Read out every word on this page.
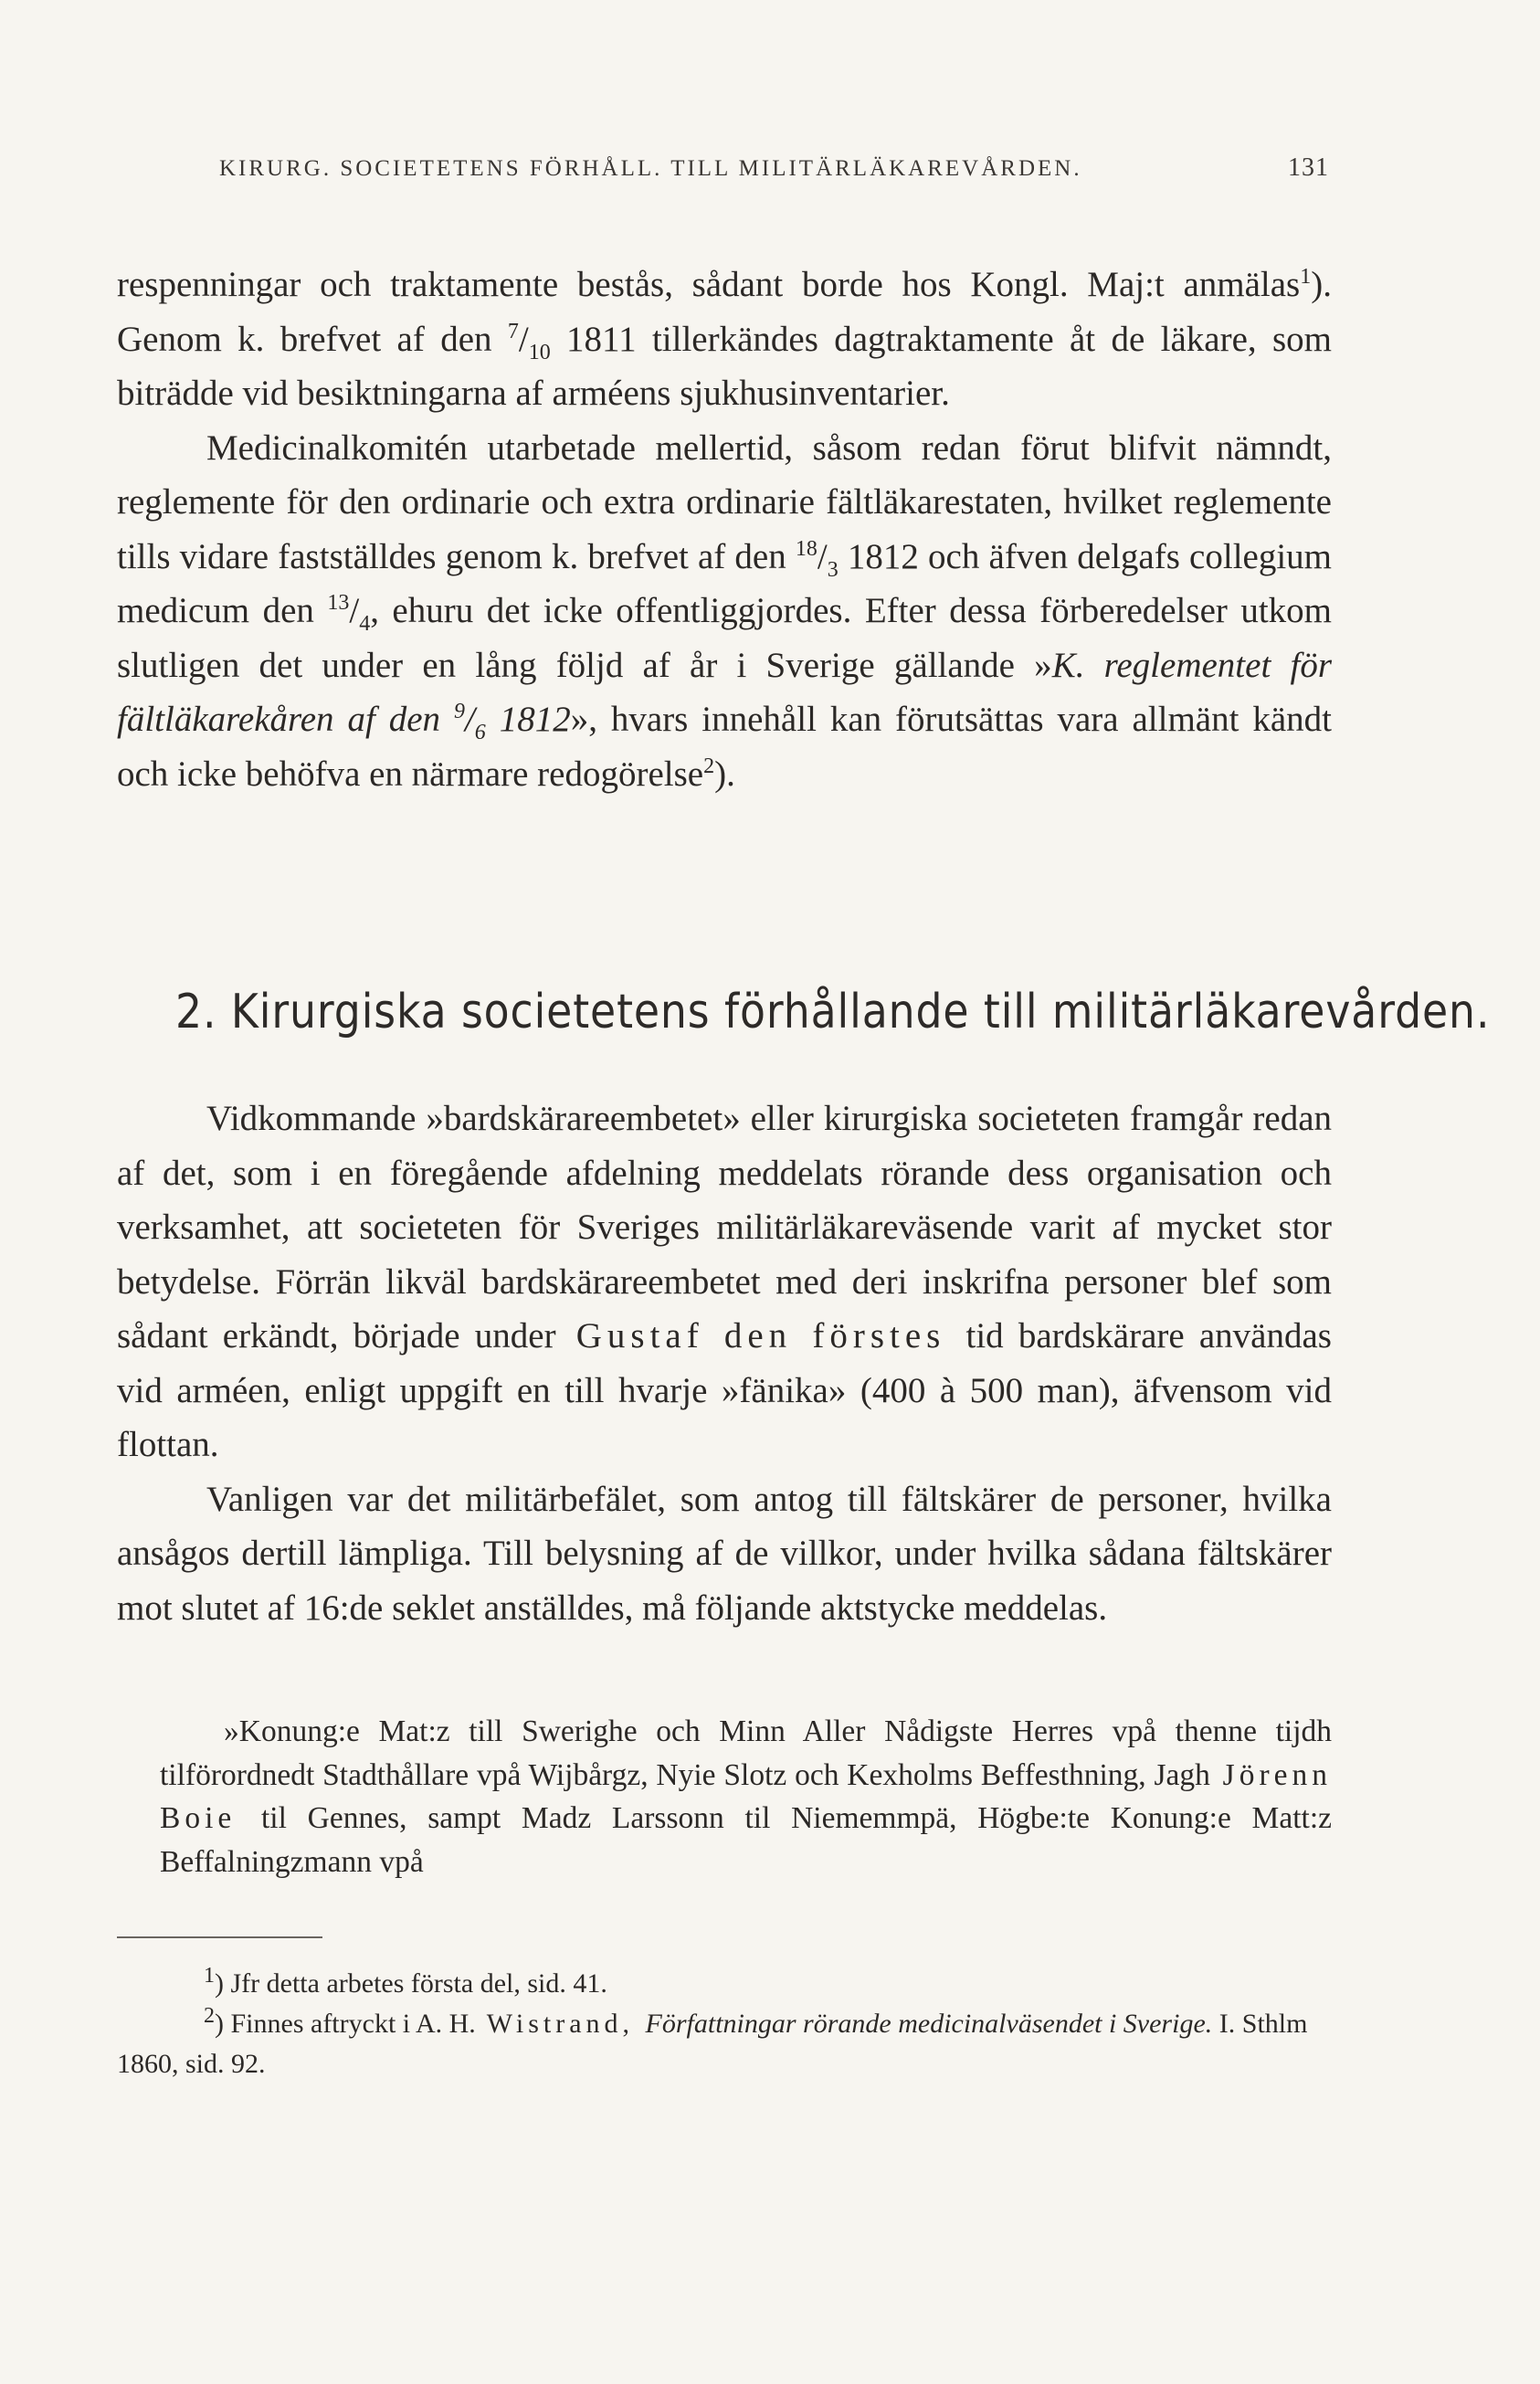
KIRURG. SOCIETETENS FÖRHÅLL. TILL MILITÄRLÄKAREVÅRDEN.	131

respenningar och traktamente bestås, sådant borde hos Kongl. Maj:t anmälas$^1$). Genom k. brefvet af den $^7/_{10}$ 1811 tillerkändes dagtraktamente åt de läkare, som biträdde vid besiktningarna af arméens sjukhusinventarier.

Medicinalkomitén utarbetade mellertid, såsom redan förut blifvit nämndt, reglemente för den ordinarie och extra ordinarie fältläkarestaten, hvilket reglemente tills vidare fastställdes genom k. brefvet af den $^{18}/_3$ 1812 och äfven delgafs collegium medicum den $^{13}/_4$, ehuru det icke offentliggjordes. Efter dessa förberedelser utkom slutligen det under en lång följd af år i Sverige gällande »K. reglementet för fältläkarekåren af den $^9/_6$ 1812», hvars innehåll kan förutsättas vara allmänt kändt och icke behöfva en närmare redogörelse$^2$).

2. Kirurgiska societetens förhållande till militärläkarevården.

Vidkommande »bardskärareembetet» eller kirurgiska societeten framgår redan af det, som i en föregående afdelning meddelats rörande dess organisation och verksamhet, att societeten för Sveriges militärläkareväsende varit af mycket stor betydelse. Förrän likväl bardskärareembetet med deri inskrifna personer blef som sådant erkändt, började under Gustaf den förstes tid bardskärare användas vid arméen, enligt uppgift en till hvarje »fänika» (400 à 500 man), äfvensom vid flottan.

Vanligen var det militärbefälet, som antog till fältskärer de personer, hvilka ansågos dertill lämpliga. Till belysning af de villkor, under hvilka sådana fältskärer mot slutet af 16:de seklet anställdes, må följande aktstycke meddelas.

»Konung:e Mat:z till Swerighe och Minn Aller Nådigste Herres vpå thenne tijdh tilförordnedt Stadthållare vpå Wijbårgz, Nyie Slotz och Kexholms Beffesthning, Jagh Jörenn Boie til Gennes, sampt Madz Larssonn til Niememmpä, Högbe:te Konung:e Matt:z Beffalningzmann vpå

$^1$) Jfr detta arbetes första del, sid. 41.

$^2$) Finnes aftryckt i A. H. Wistrand, Författningar rörande medicinalväsendet i Sverige. I. Sthlm 1860, sid. 92.
